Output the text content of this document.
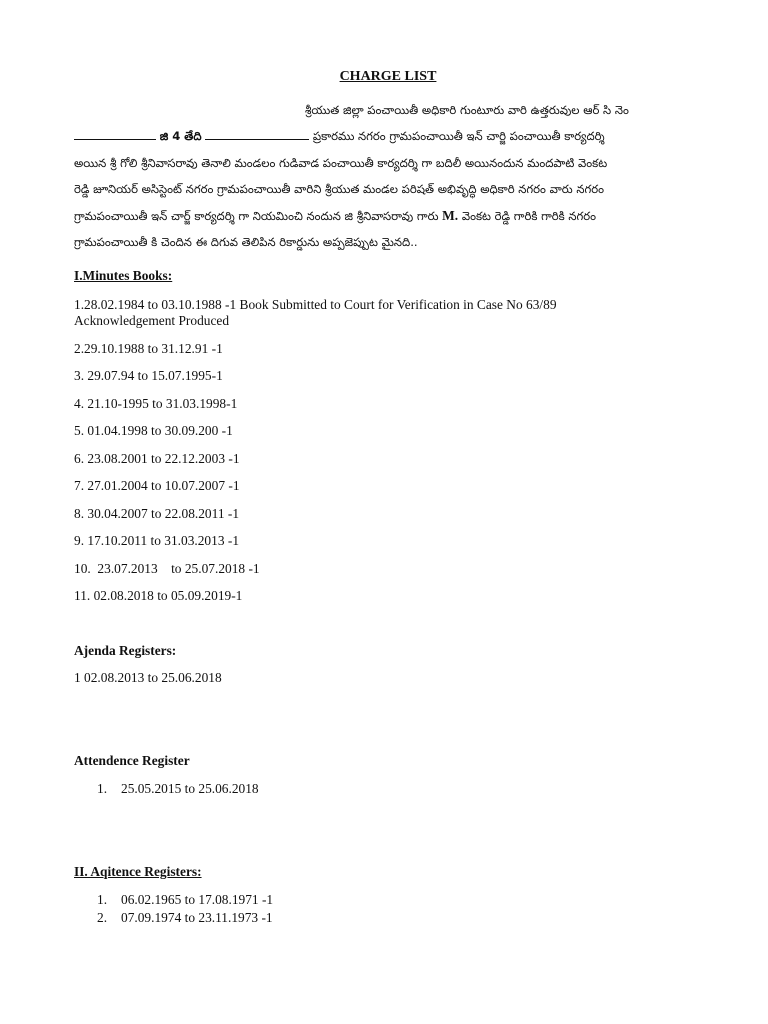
CHARGE LIST
శ్రీయుత జిల్లా పంచాయితీ అధికారి గుంటూరు వారి ఉత్తరువుల ఆర్ సి నెం
జి 4 తేది	ప్రకారము నగరం గ్రామపంచాయితీ ఇన్ చార్జి పంచాయితీ కార్యదర్శి
అయిన శ్రీ గోలి శ్రీనివాసరావు తెనాలి మండలం గుడివాడ పంచాయితీ కార్యదర్శి గా బదిలీ అయినందున మందపాటి వెంకట
రెడ్డి జూనియర్ అసిస్టెంట్ నగరం గ్రామపంచాయితీ వారిని శ్రీయుత మండల పరిషత్ అభివృద్ధి అధికారి నగరం వారు నగరం
గ్రామపంచాయితీ ఇన్ చార్జ్ కార్యదర్శి గా నియమించి నందున జి శ్రీనివాసరావు గారు M. వెంకట రెడ్డి గారికి గారికి నగరం
గ్రామపంచాయితీ కి చెందిన ఈ దిగువ తెలిపిన రికార్డును అప్పజెప్పుట మైనది..
I.Minutes Books:
1.28.02.1984 to 03.10.1988 -1 Book Submitted to Court for Verification in Case No 63/89
Acknowledgement Produced
2.29.10.1988 to 31.12.91 -1
3. 29.07.94 to 15.07.1995-1
4. 21.10-1995 to 31.03.1998-1
5. 01.04.1998 to 30.09.200 -1
6. 23.08.2001 to 22.12.2003 -1
7. 27.01.2004 to 10.07.2007 -1
8. 30.04.2007 to 22.08.2011 -1
9. 17.10.2011 to 31.03.2013 -1
10.  23.07.2013    to 25.07.2018 -1
11. 02.08.2018 to 05.09.2019-1
Ajenda Registers:
1 02.08.2013 to 25.06.2018
Attendence Register
1. 25.05.2015 to 25.06.2018
II. Aqitence Registers:
1. 06.02.1965 to 17.08.1971 -1
2. 07.09.1974 to 23.11.1973 -1
